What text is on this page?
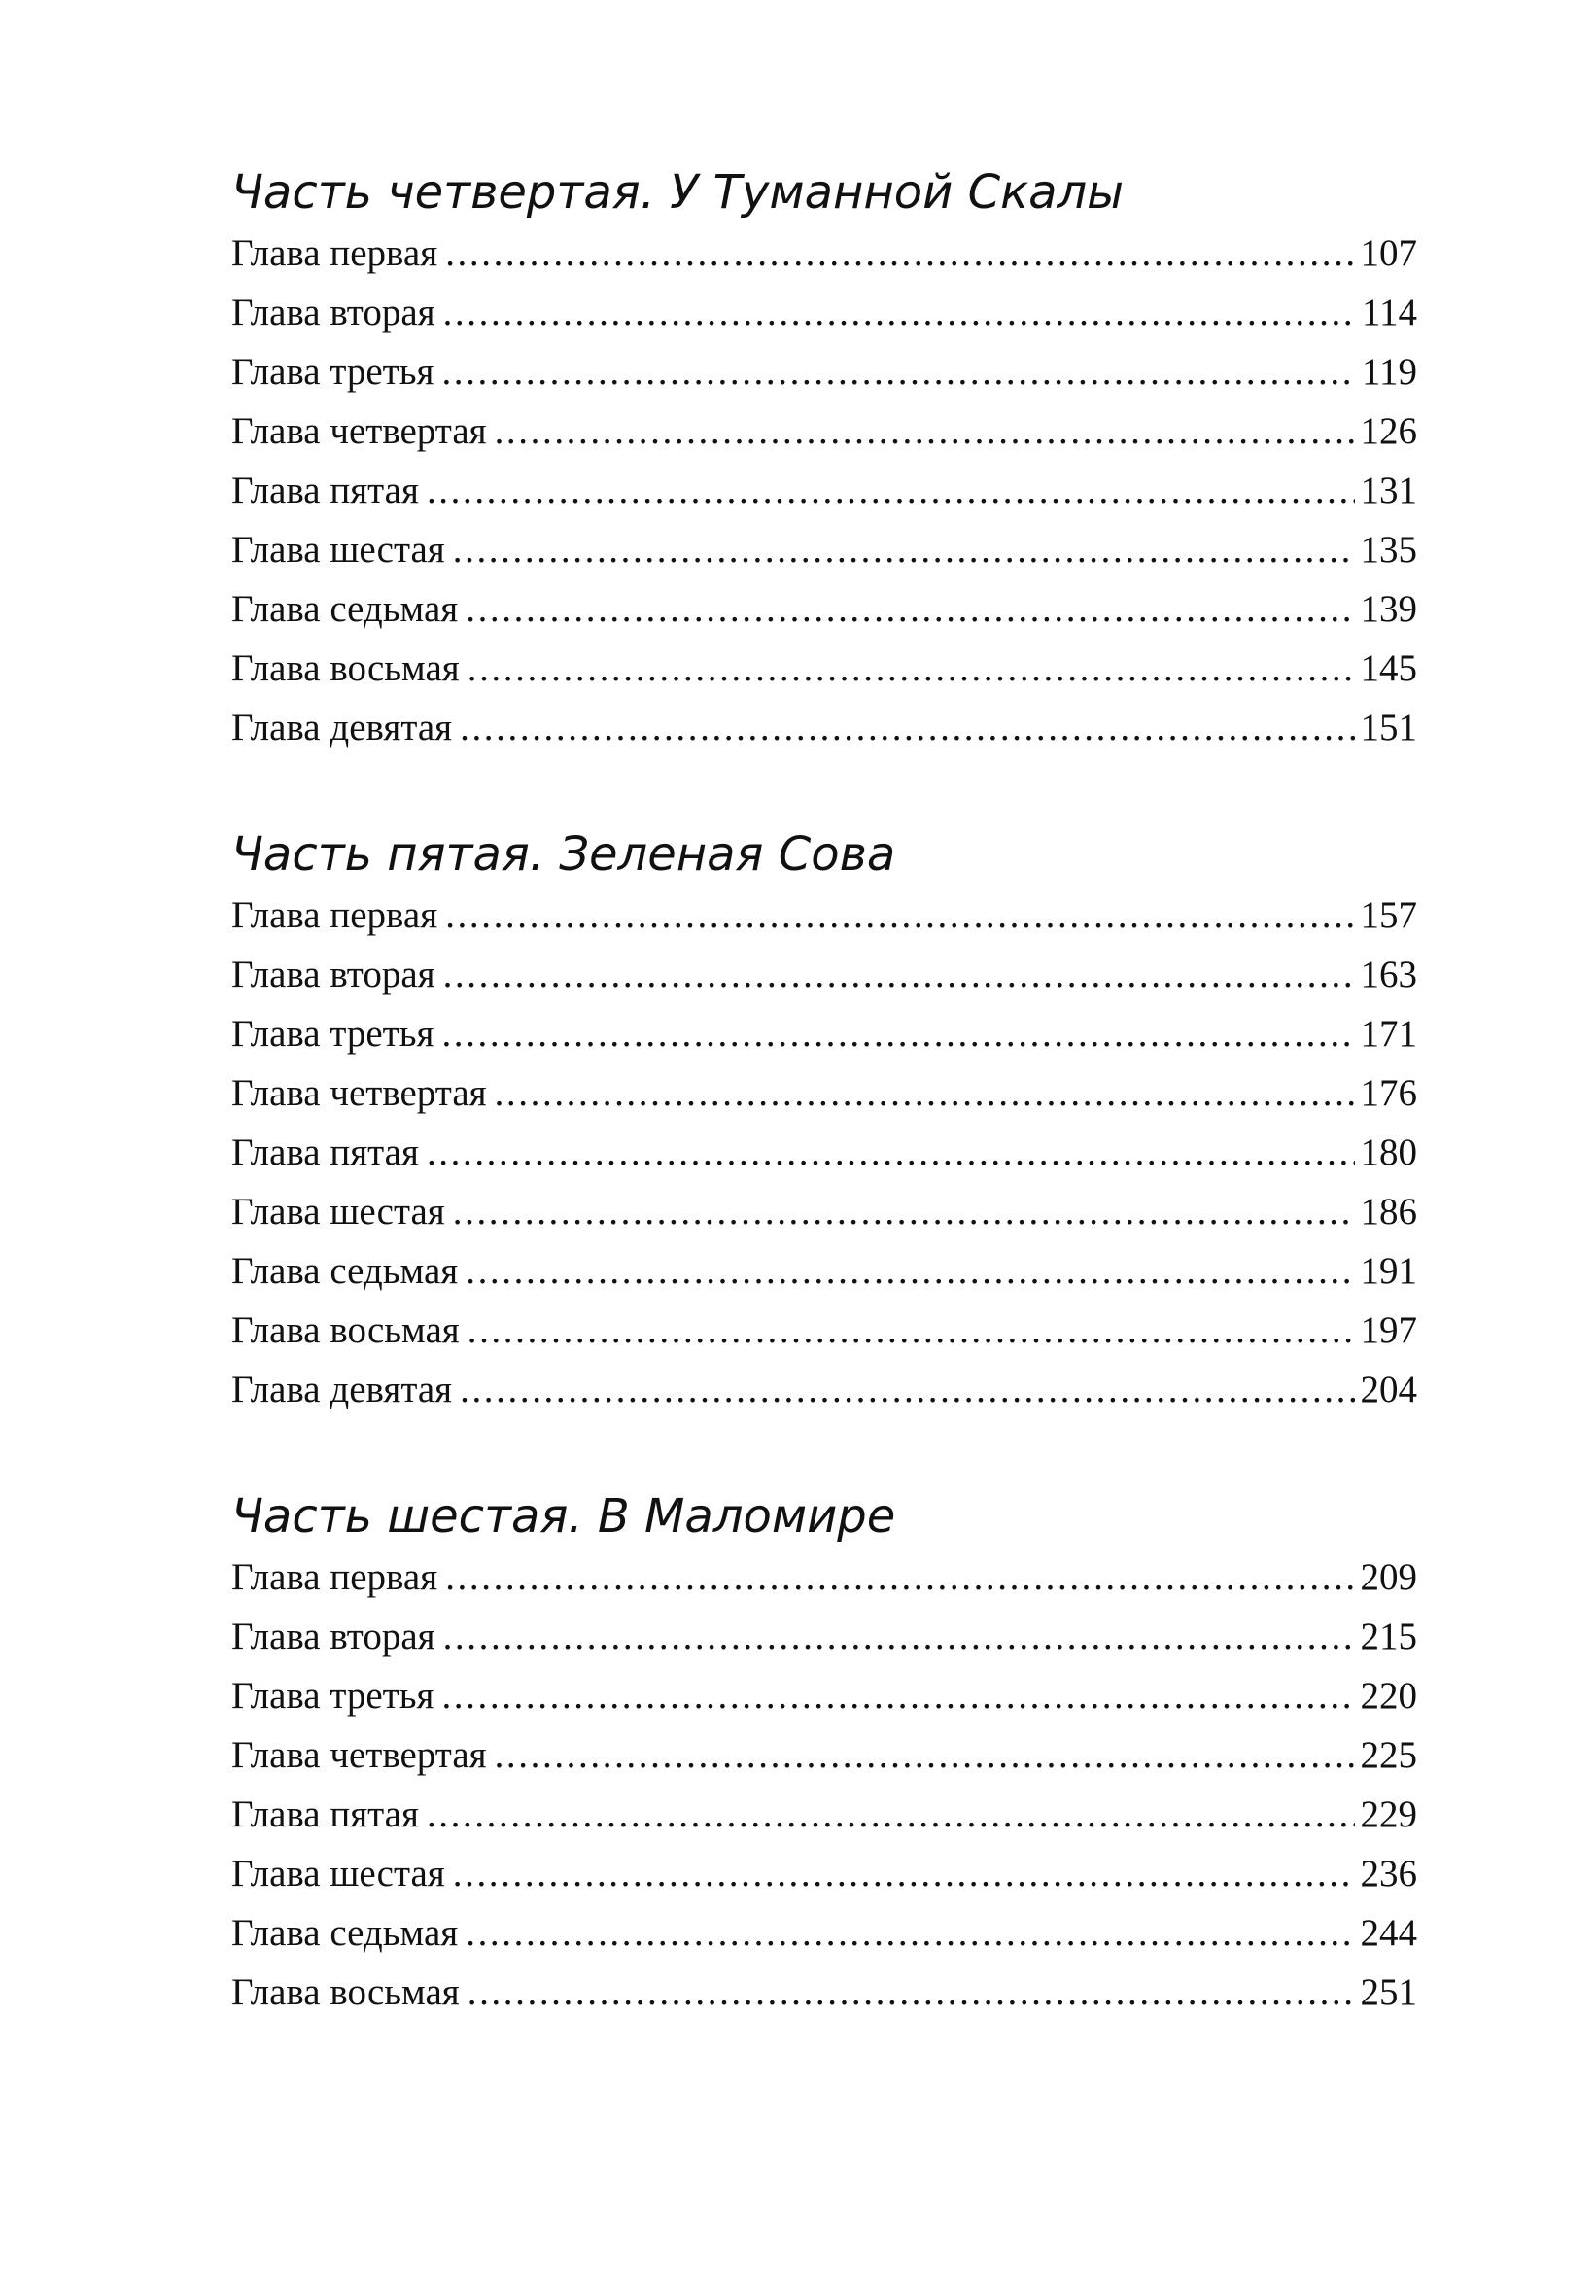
Часть четвертая. У Туманной Скалы
Глава первая .....	107
Глава вторая .....	114
Глава третья .....	119
Глава четвертая .....	126
Глава пятая .....	131
Глава шестая .....	135
Глава седьмая .....	139
Глава восьмая .....	145
Глава девятая .....	151
Часть пятая. Зеленая Сова
Глава первая .....	157
Глава вторая .....	163
Глава третья .....	171
Глава четвертая .....	176
Глава пятая .....	180
Глава шестая .....	186
Глава седьмая .....	191
Глава восьмая .....	197
Глава девятая .....	204
Часть шестая. В Маломире
Глава первая .....	209
Глава вторая .....	215
Глава третья .....	220
Глава четвертая .....	225
Глава пятая .....	229
Глава шестая .....	236
Глава седьмая .....	244
Глава восьмая .....	251
